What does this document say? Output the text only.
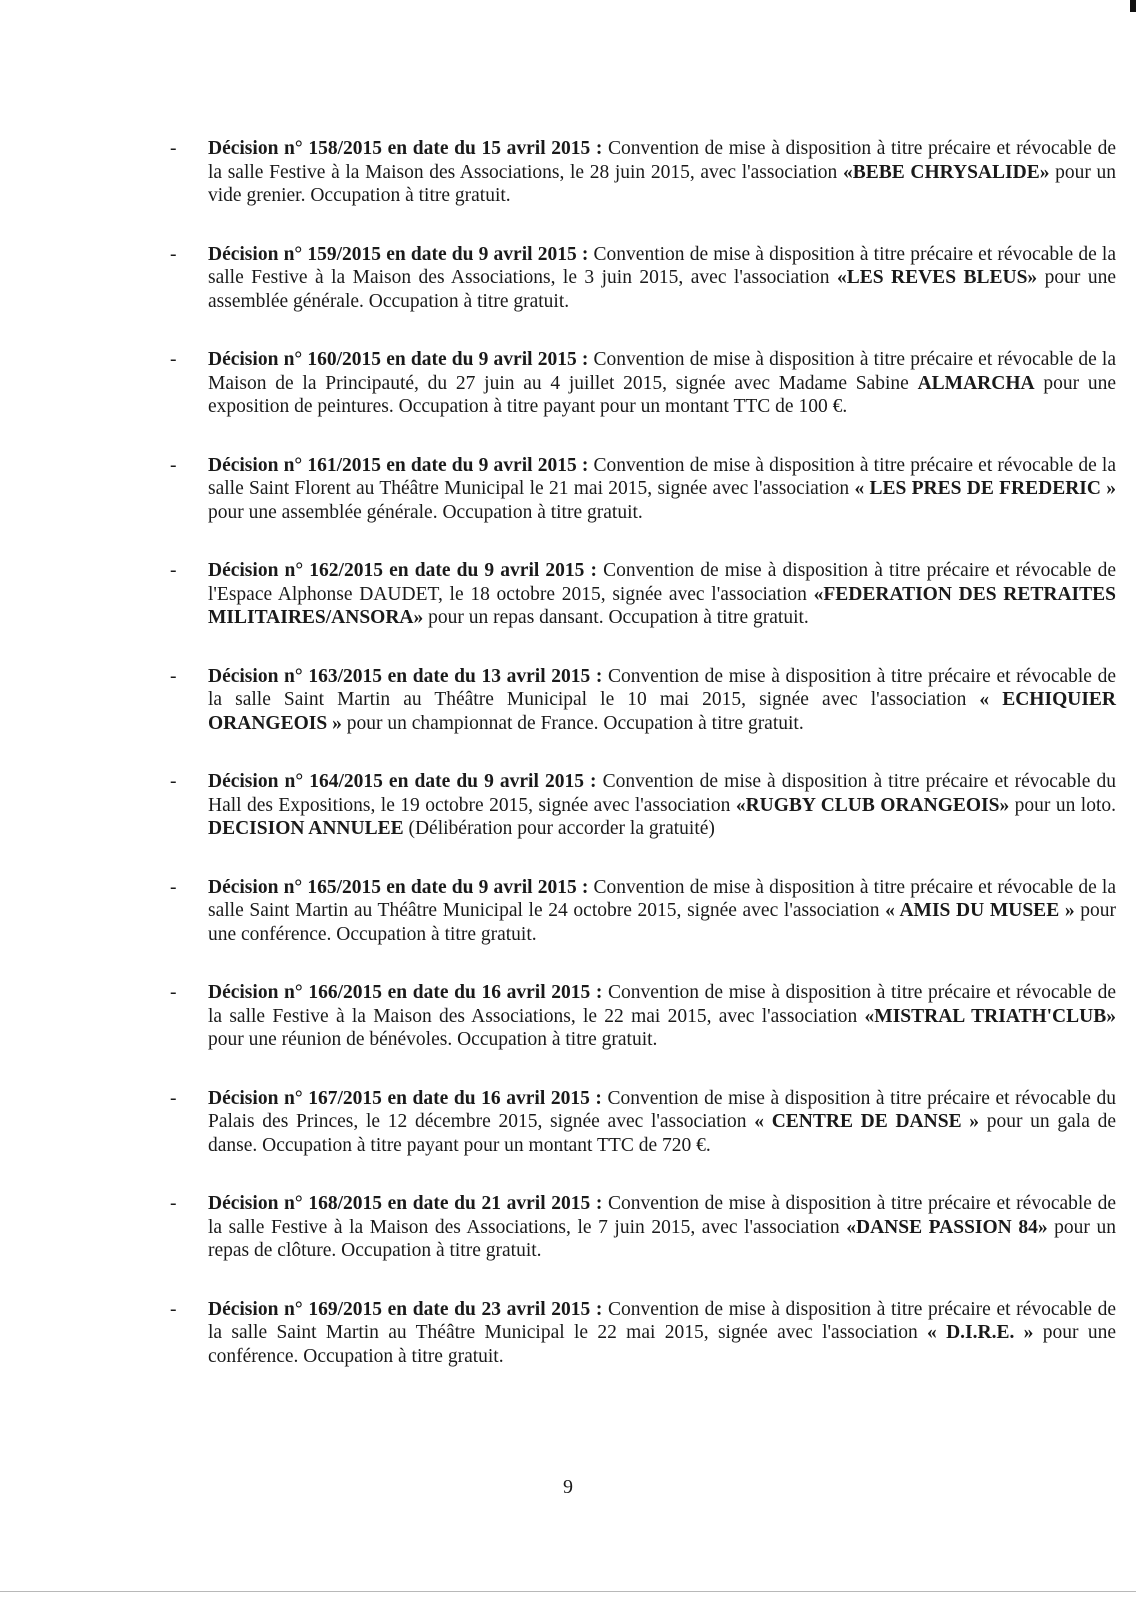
-	Décision n° 158/2015 en date du 15 avril 2015 : Convention de mise à disposition à titre précaire et révocable de la salle Festive à la Maison des Associations, le 28 juin 2015, avec l'association «BEBE CHRYSALIDE» pour un vide grenier. Occupation à titre gratuit.
-	Décision n° 159/2015 en date du 9 avril 2015 : Convention de mise à disposition à titre précaire et révocable de la salle Festive à la Maison des Associations, le 3 juin 2015, avec l'association «LES REVES BLEUS» pour une assemblée générale. Occupation à titre gratuit.
-	Décision n° 160/2015 en date du 9 avril 2015 : Convention de mise à disposition à titre précaire et révocable de la Maison de la Principauté, du 27 juin au 4 juillet 2015, signée avec Madame Sabine ALMARCHA pour une exposition de peintures. Occupation à titre payant pour un montant TTC de 100 €.
-	Décision n° 161/2015 en date du 9 avril 2015 : Convention de mise à disposition à titre précaire et révocable de la salle Saint Florent au Théâtre Municipal le 21 mai 2015, signée avec l'association « LES PRES DE FREDERIC » pour une assemblée générale. Occupation à titre gratuit.
-	Décision n° 162/2015 en date du 9 avril 2015 : Convention de mise à disposition à titre précaire et révocable de l'Espace Alphonse DAUDET, le 18 octobre 2015, signée avec l'association «FEDERATION DES RETRAITES MILITAIRES/ANSORA» pour un repas dansant. Occupation à titre gratuit.
-	Décision n° 163/2015 en date du 13 avril 2015 : Convention de mise à disposition à titre précaire et révocable de la salle Saint Martin au Théâtre Municipal le 10 mai 2015, signée avec l'association « ECHIQUIER ORANGEOIS » pour un championnat de France. Occupation à titre gratuit.
-	Décision n° 164/2015 en date du 9 avril 2015 : Convention de mise à disposition à titre précaire et révocable du Hall des Expositions, le 19 octobre 2015, signée avec l'association «RUGBY CLUB ORANGEOIS» pour un loto. DECISION ANNULEE (Délibération pour accorder la gratuité)
-	Décision n° 165/2015 en date du 9 avril 2015 : Convention de mise à disposition à titre précaire et révocable de la salle Saint Martin au Théâtre Municipal le 24 octobre 2015, signée avec l'association « AMIS DU MUSEE » pour une conférence. Occupation à titre gratuit.
-	Décision n° 166/2015 en date du 16 avril 2015 : Convention de mise à disposition à titre précaire et révocable de la salle Festive à la Maison des Associations, le 22 mai 2015, avec l'association «MISTRAL TRIATH'CLUB» pour une réunion de bénévoles. Occupation à titre gratuit.
-	Décision n° 167/2015 en date du 16 avril 2015 : Convention de mise à disposition à titre précaire et révocable du Palais des Princes, le 12 décembre 2015, signée avec l'association « CENTRE DE DANSE » pour un gala de danse. Occupation à titre payant pour un montant TTC de 720 €.
-	Décision n° 168/2015 en date du 21 avril 2015 : Convention de mise à disposition à titre précaire et révocable de la salle Festive à la Maison des Associations, le 7 juin 2015, avec l'association «DANSE PASSION 84» pour un repas de clôture. Occupation à titre gratuit.
-	Décision n° 169/2015 en date du 23 avril 2015 : Convention de mise à disposition à titre précaire et révocable de la salle Saint Martin au Théâtre Municipal le 22 mai 2015, signée avec l'association « D.I.R.E. » pour une conférence. Occupation à titre gratuit.
9
